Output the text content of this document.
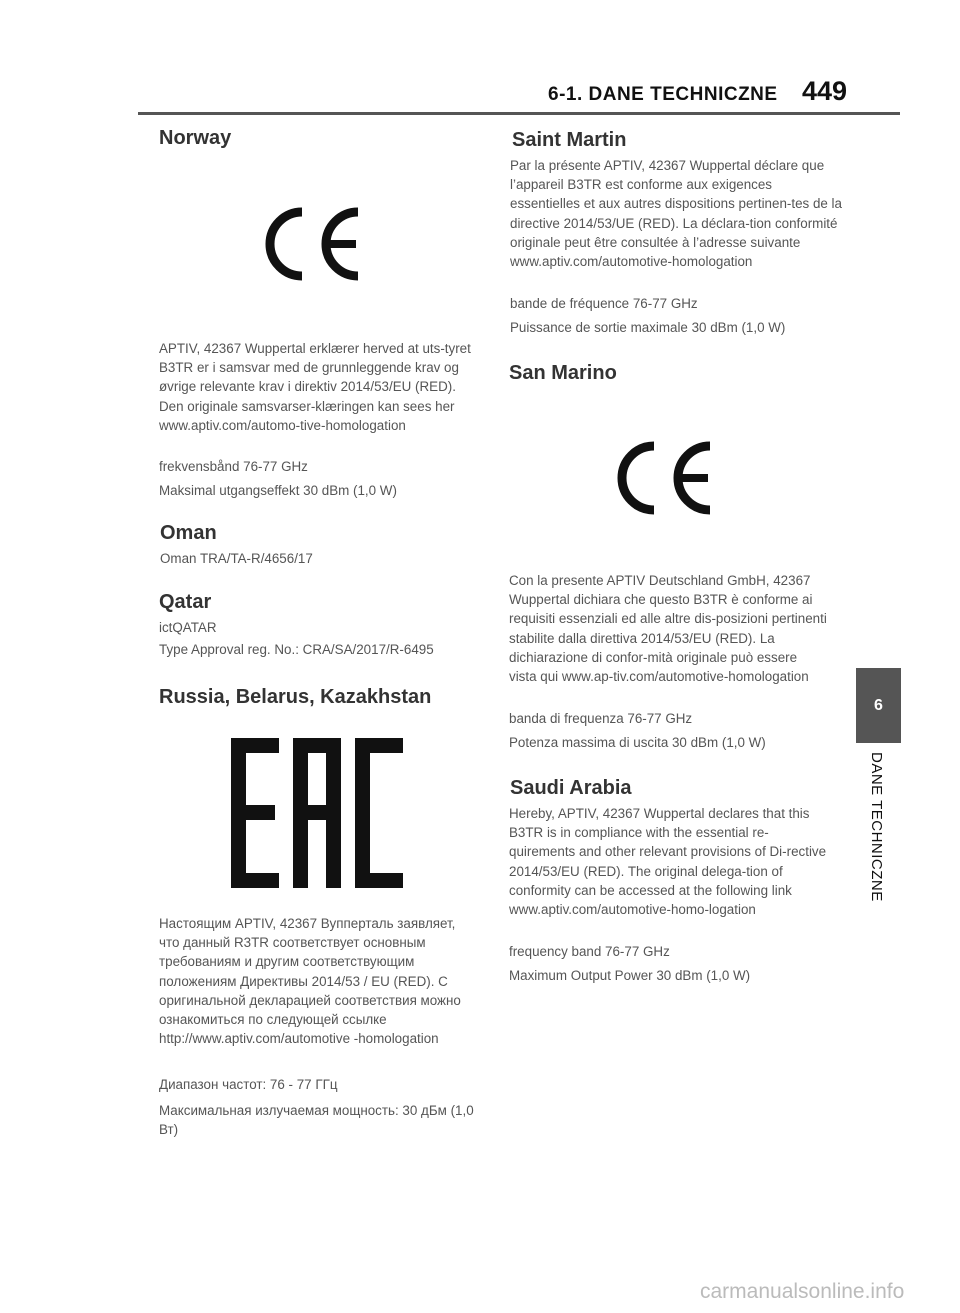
6-1. DANE TECHNICZNE 449
Norway

APTIV, 42367 Wuppertal erklærer herved at uts-tyret B3TR er i samsvar med de grunnleggende krav og øvrige relevante krav i direktiv 2014/53/EU (RED). Den originale samsvarser-klæringen kan sees her www.aptiv.com/automo-tive-homologation

frekvensbånd 76-77 GHz

Maksimal utgangseffekt 30 dBm (1,0 W)

Oman

Oman TRA/TA-R/4656/17

Qatar

ictQATAR

Type Approval reg. No.: CRA/SA/2017/R-6495

Russia, Belarus, Kazakhstan

Настоящим APTIV, 42367 Вупперталь заявляет, что данный R3TR соответствует основным требованиям и другим соответствующим положениям Директивы 2014/53 / EU (RED). С оригинальной декларацией соответствия можно ознакомиться по следующей ссылке http://www.aptiv.com/automotive -homologation

Диапазон частот: 76 - 77 ГГц

Максимальная излучаемая мощность: 30 дБм (1,0 Вт)

Saint Martin

Par la présente APTIV, 42367 Wuppertal déclare que l’appareil B3TR est conforme aux exigences essentielles et aux autres dispositions pertinen-tes de la directive 2014/53/UE (RED). La déclara-tion conformité originale peut être consultée à l’adresse suivante www.aptiv.com/automotive-homologation

bande de fréquence 76-77 GHz

Puissance de sortie maximale 30 dBm (1,0 W)

San Marino

Con la presente APTIV Deutschland GmbH, 42367 Wuppertal dichiara che questo B3TR è conforme ai requisiti essenziali ed alle altre dis-posizioni pertinenti stabilite dalla direttiva 2014/53/EU (RED). La dichiarazione di confor-mità originale può essere vista qui www.ap-tiv.com/automotive-homologation

banda di frequenza 76-77 GHz

Potenza massima di uscita 30 dBm (1,0 W)

Saudi Arabia

Hereby, APTIV, 42367 Wuppertal declares that this B3TR is in compliance with the essential re-quirements and other relevant provisions of Di-rective 2014/53/EU (RED). The original delega-tion of conformity can be accessed at the following link www.aptiv.com/automotive-homo-logation

frequency band 76-77 GHz

Maximum Output Power 30 dBm (1,0 W)

6
DANE TECHNICZNE
carmanualsonline.info
